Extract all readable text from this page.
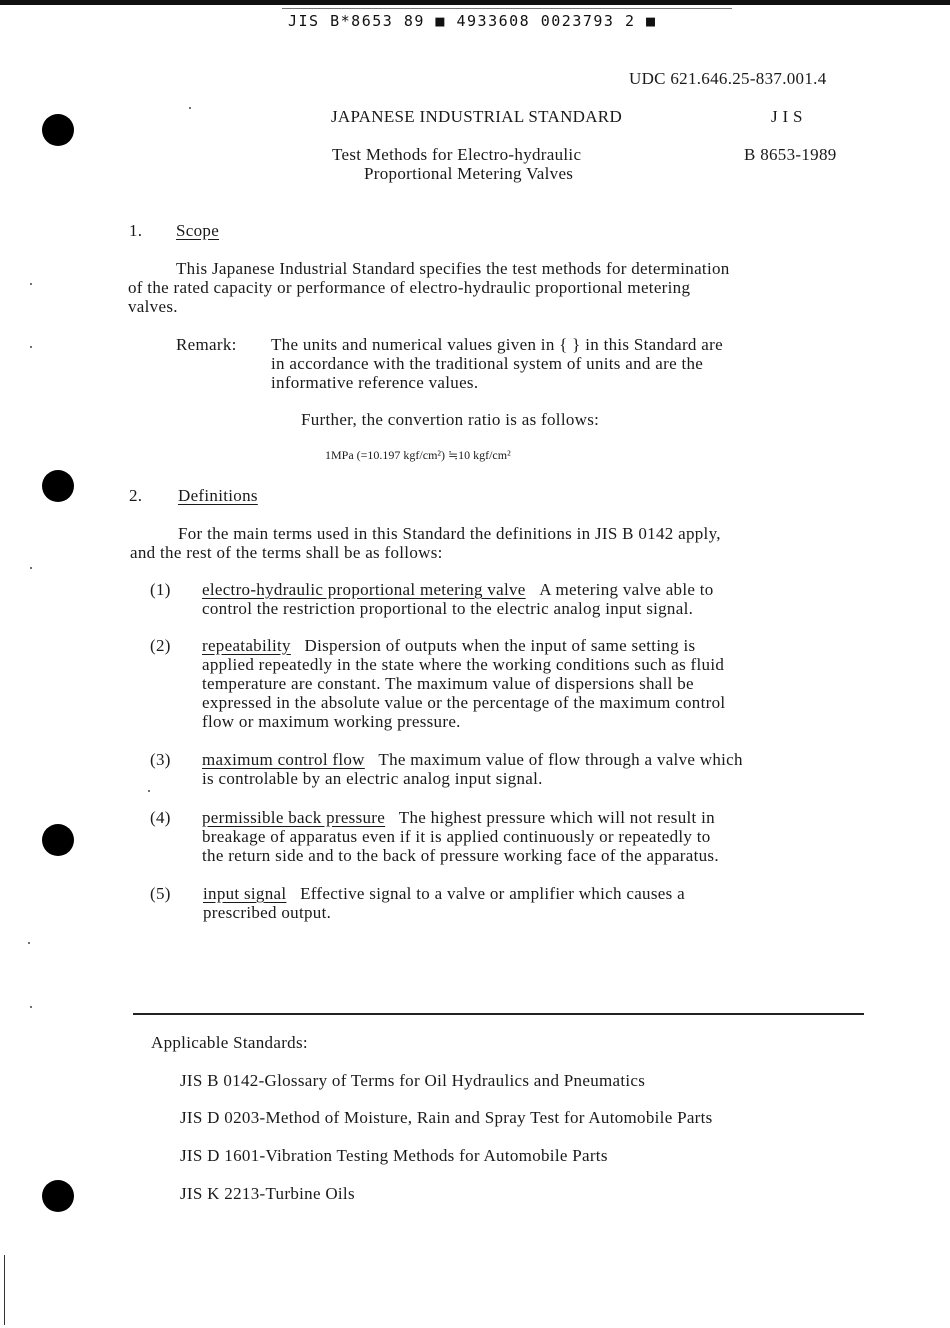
JIS B*8653 89 ■ 4933608 0023793 2 ■
UDC 621.646.25-837.001.4
JAPANESE INDUSTRIAL STANDARD	J I S
Test Methods for Electro-hydraulic
Proportional Metering Valves
B 8653-1989
1. Scope
This Japanese Industrial Standard specifies the test methods for determination
of the rated capacity or performance of electro-hydraulic proportional metering
valves.
Remark: The units and numerical values given in { } in this Standard are
in accordance with the traditional system of units and are the
informative reference values.
Further, the convertion ratio is as follows:
1MPa (=10.197 kgf/cm²) ≒10 kgf/cm²
2. Definitions
For the main terms used in this Standard the definitions in JIS B 0142 apply,
and the rest of the terms shall be as follows:
(1) electro-hydraulic proportional metering valve A metering valve able to
control the restriction proportional to the electric analog input signal.
(2) repeatability Dispersion of outputs when the input of same setting is
applied repeatedly in the state where the working conditions such as fluid
temperature are constant. The maximum value of dispersions shall be
expressed in the absolute value or the percentage of the maximum control
flow or maximum working pressure.
(3) maximum control flow The maximum value of flow through a valve which
is controlable by an electric analog input signal.
(4) permissible back pressure The highest pressure which will not result in
breakage of apparatus even if it is applied continuously or repeatedly to
the return side and to the back of pressure working face of the apparatus.
(5) input signal Effective signal to a valve or amplifier which causes a
prescribed output.
Applicable Standards:
JIS B 0142-Glossary of Terms for Oil Hydraulics and Pneumatics
JIS D 0203-Method of Moisture, Rain and Spray Test for Automobile Parts
JIS D 1601-Vibration Testing Methods for Automobile Parts
JIS K 2213-Turbine Oils
